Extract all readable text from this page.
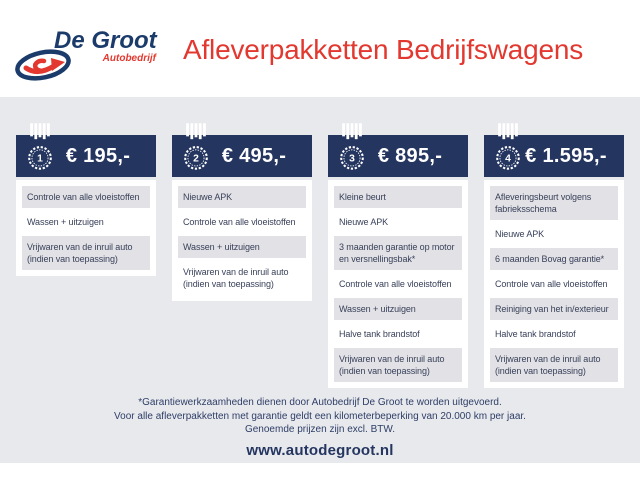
De Groot
Autobedrijf Afleverpakketten Bedrijfswagens
1	€ 195,-
Controle van alle vloeistoffen
Wassen + uitzuigen
Vrijwaren van de inruil auto (indien van toepassing)
2	€ 495,-
Nieuwe APK
Controle van alle vloeistoffen
Wassen + uitzuigen
Vrijwaren van de inruil auto (indien van toepassing)
3	€ 895,-
Kleine beurt
Nieuwe APK
3 maanden garantie op motor en versnellingsbak*
Controle van alle vloeistoffen
Wassen + uitzuigen
Halve tank brandstof
Vrijwaren van de inruil auto (indien van toepassing)
4 € 1.595,-
Afleveringsbeurt volgens fabrieksschema
Nieuwe APK
6 maanden Bovag garantie*
Controle van alle vloeistoffen
Reiniging van het in/exterieur
Halve tank brandstof
Vrijwaren van de inruil auto (indien van toepassing)
*Garantiewerkzaamheden dienen door Autobedrijf De Groot te worden uitgevoerd.
Voor alle afleverpakketten met garantie geldt een kilometerbeperking van 20.000 km per jaar.
Genoemde prijzen zijn excl. BTW.
www.autodegroot.nl
